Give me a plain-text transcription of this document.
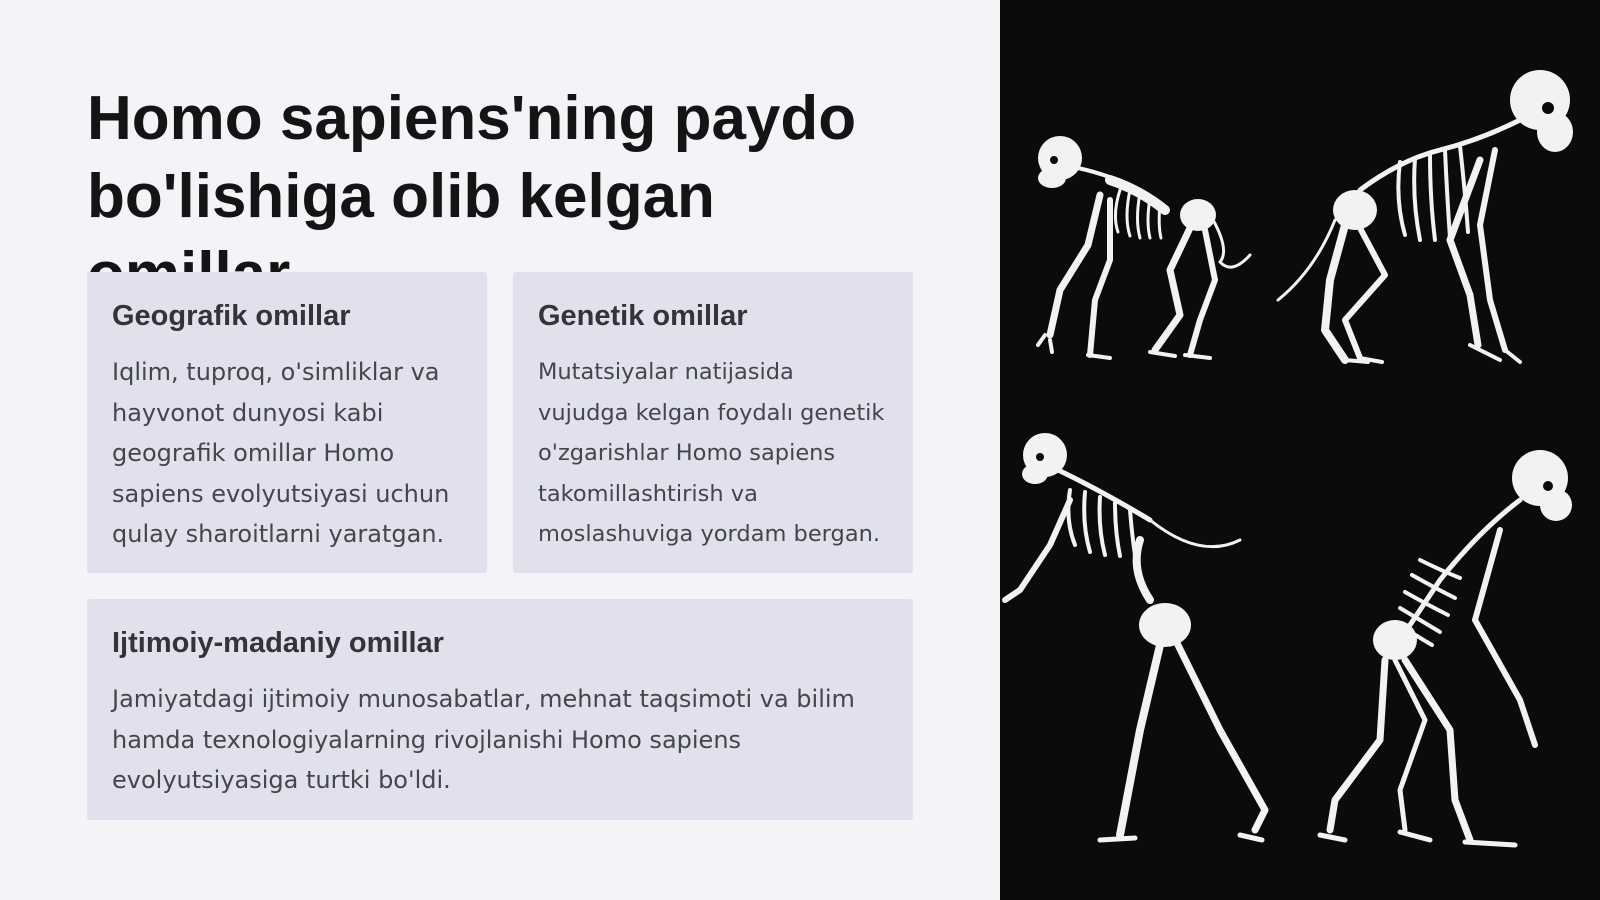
Homo sapiens'ning paydo bo'lishiga olib kelgan
Geografik omillar

Iqlim, tuproq, o'simliklar va hayvonot dunyosi kabi geografik omillar Homo sapiens evolyutsiyasi uchun qulay sharoitlarni yaratgan.

Genetik omillar

Mutatsiyalar natijasida vujudga kelgan foydalı genetik o'zgarishlar Homo sapiens takomillashtirish va moslashuviga yordam bergan.

Ijtimoiy-madaniy omillar

Jamiyatdagi ijtimoiy munosabatlar, mehnat taqsimoti va bilim hamda texnologiyalarning rivojlanishi Homo sapiens evolyutsiyasiga turtki bo'ldi.
